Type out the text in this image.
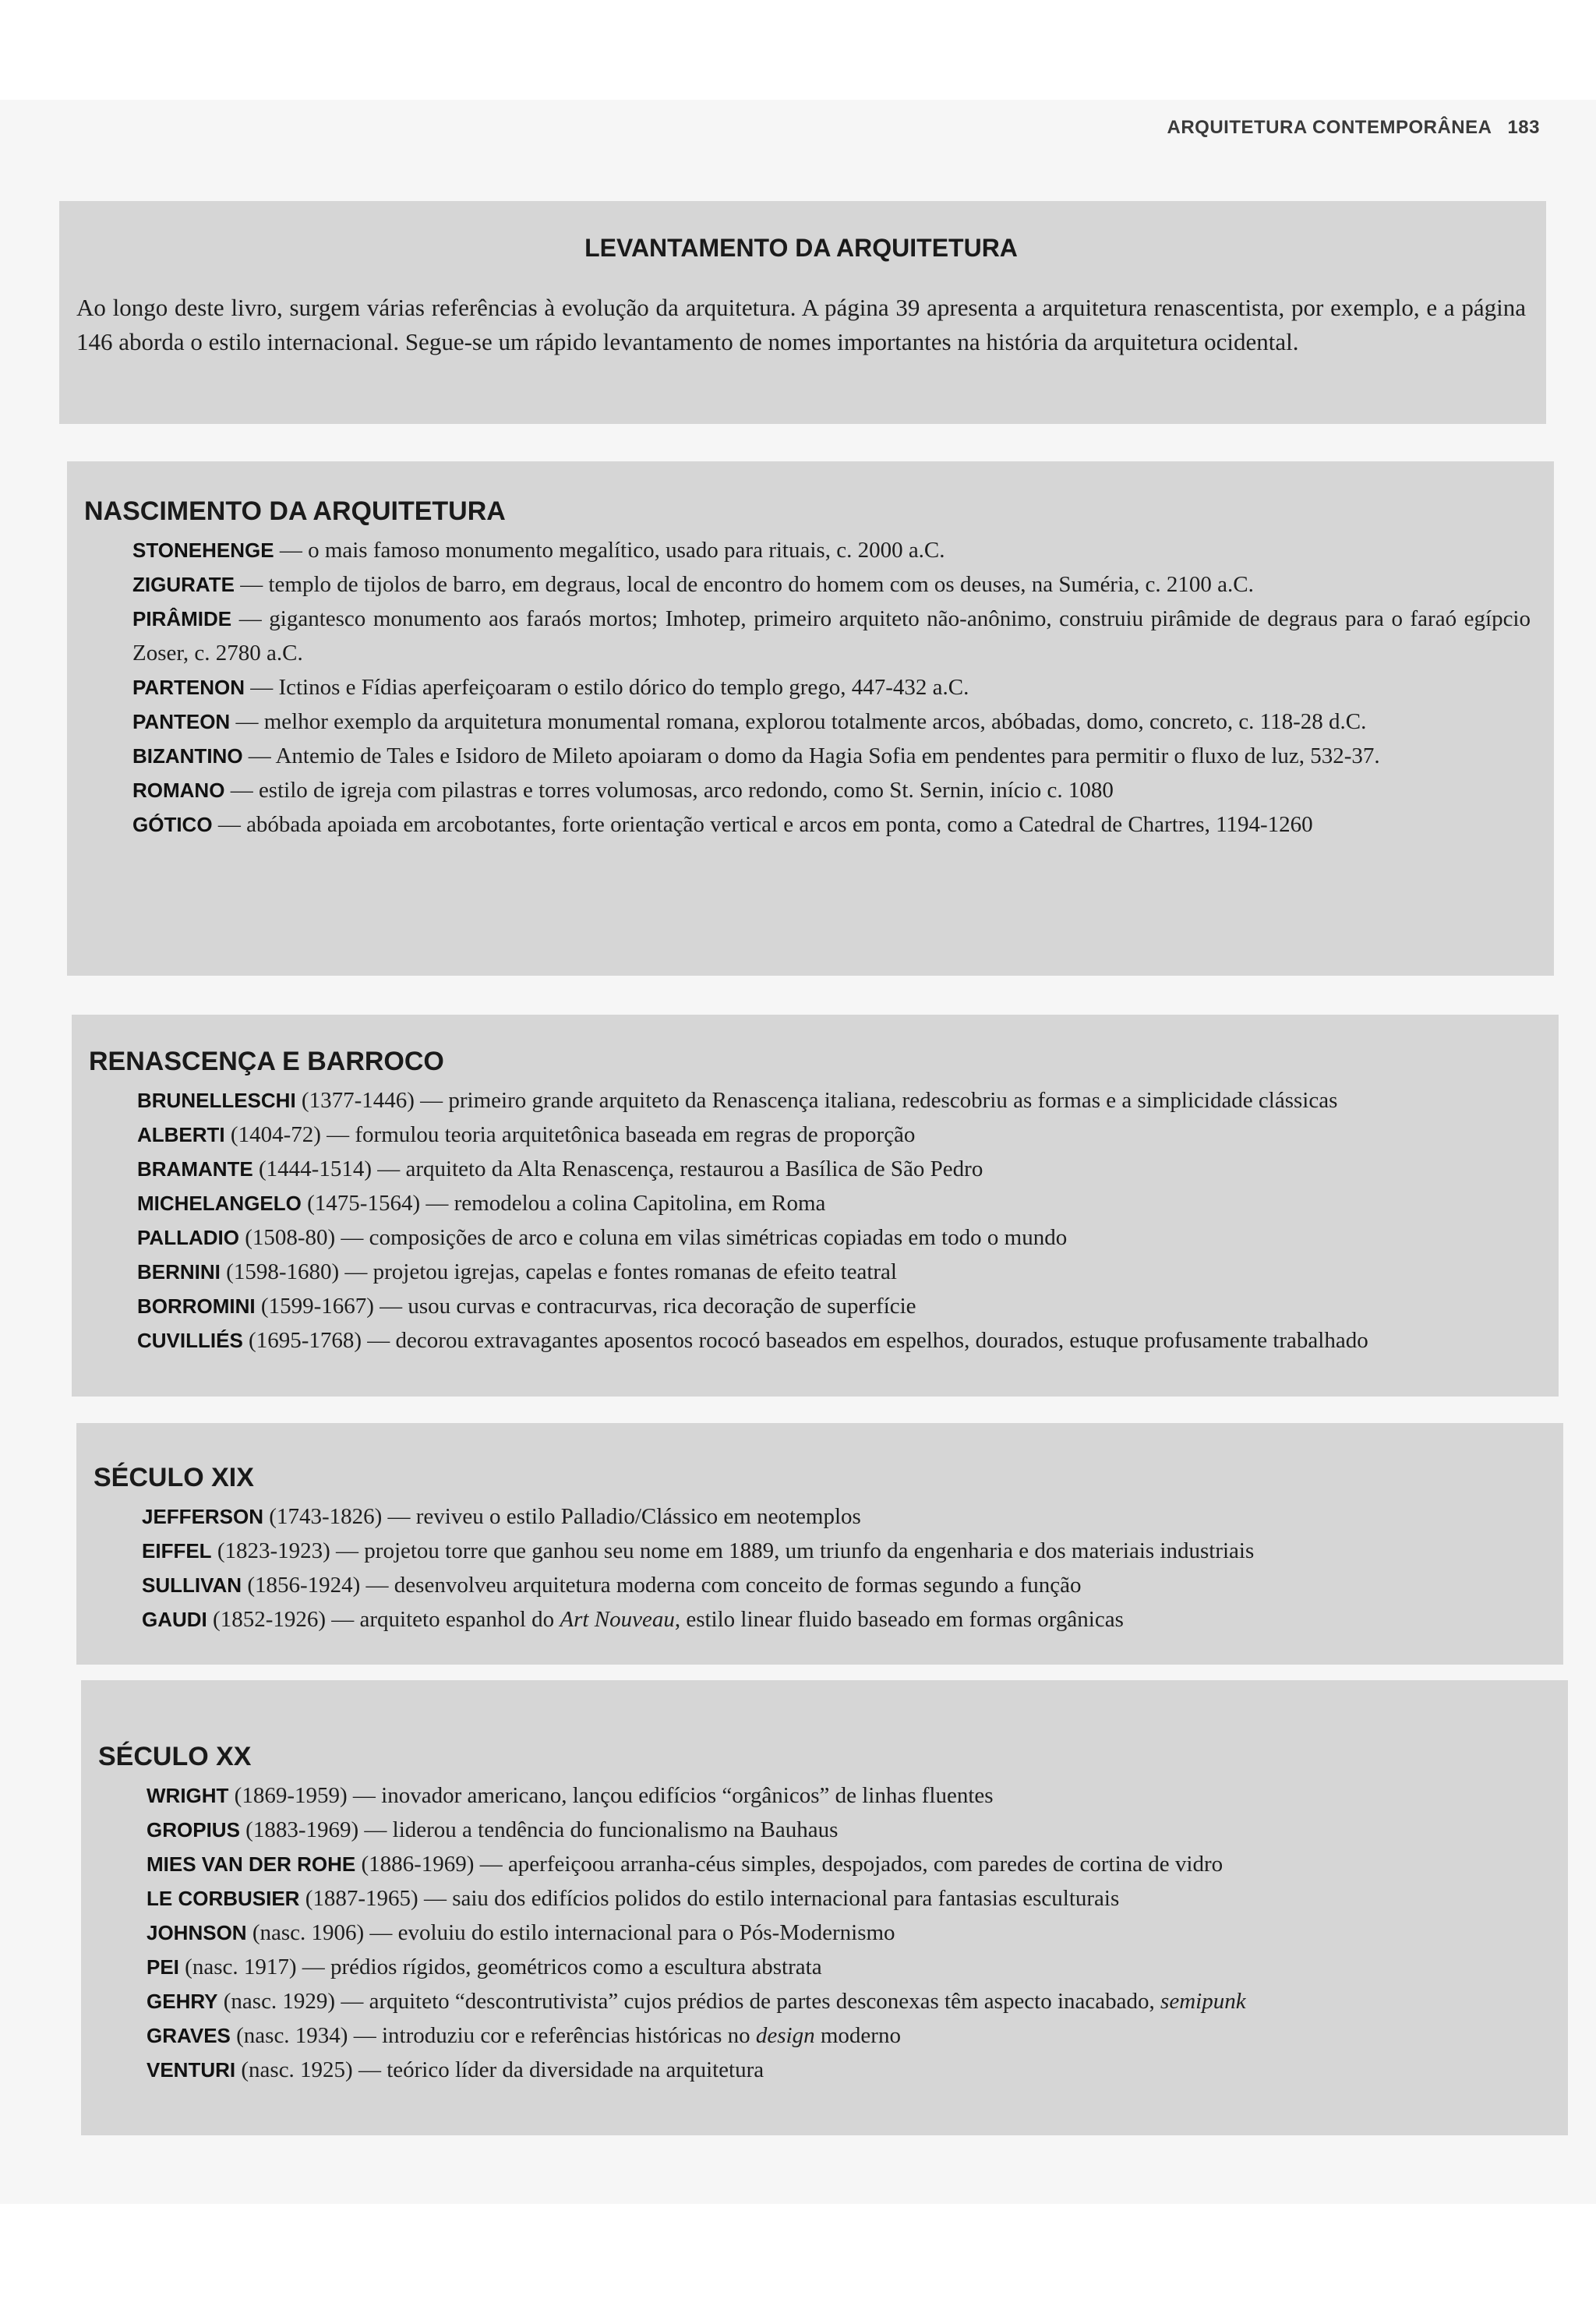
ARQUITETURA CONTEMPORÂNEA 183
LEVANTAMENTO DA ARQUITETURA
Ao longo deste livro, surgem várias referências à evolução da arquitetura. A página 39 apresenta a arquitetura renascentista, por exemplo, e a página 146 aborda o estilo internacional. Segue-se um rápido levantamento de nomes importantes na história da arquitetura ocidental.
NASCIMENTO DA ARQUITETURA
STONEHENGE — o mais famoso monumento megalítico, usado para rituais, c. 2000 a.C.
ZIGURATE — templo de tijolos de barro, em degraus, local de encontro do homem com os deuses, na Suméria, c. 2100 a.C.
PIRÂMIDE — gigantesco monumento aos faraós mortos; Imhotep, primeiro arquiteto não-anônimo, construiu pirâmide de degraus para o faraó egípcio Zoser, c. 2780 a.C.
PARTENON — Ictinos e Fídias aperfeiçoaram o estilo dórico do templo grego, 447-432 a.C.
PANTEON — melhor exemplo da arquitetura monumental romana, explorou totalmente arcos, abóbadas, domo, concreto, c. 118-28 d.C.
BIZANTINO — Antemio de Tales e Isidoro de Mileto apoiaram o domo da Hagia Sofia em pendentes para permitir o fluxo de luz, 532-37.
ROMANO — estilo de igreja com pilastras e torres volumosas, arco redondo, como St. Sernin, início c. 1080
GÓTICO — abóbada apoiada em arcobotantes, forte orientação vertical e arcos em ponta, como a Catedral de Chartres, 1194-1260
RENASCENÇA E BARROCO
BRUNELLESCHI (1377-1446) — primeiro grande arquiteto da Renascença italiana, redescobriu as formas e a simplicidade clássicas
ALBERTI (1404-72) — formulou teoria arquitetônica baseada em regras de proporção
BRAMANTE (1444-1514) — arquiteto da Alta Renascença, restaurou a Basílica de São Pedro
MICHELANGELO (1475-1564) — remodelou a colina Capitolina, em Roma
PALLADIO (1508-80) — composições de arco e coluna em vilas simétricas copiadas em todo o mundo
BERNINI (1598-1680) — projetou igrejas, capelas e fontes romanas de efeito teatral
BORROMINI (1599-1667) — usou curvas e contracurvas, rica decoração de superfície
CUVILLIÉS (1695-1768) — decorou extravagantes aposentos rococó baseados em espelhos, dourados, estuque profusamente trabalhado
SÉCULO XIX
JEFFERSON (1743-1826) — reviveu o estilo Palladio/Clássico em neotemplos
EIFFEL (1823-1923) — projetou torre que ganhou seu nome em 1889, um triunfo da engenharia e dos materiais industriais
SULLIVAN (1856-1924) — desenvolveu arquitetura moderna com conceito de formas segundo a função
GAUDI (1852-1926) — arquiteto espanhol do Art Nouveau, estilo linear fluido baseado em formas orgânicas
SÉCULO XX
WRIGHT (1869-1959) — inovador americano, lançou edifícios “orgânicos” de linhas fluentes
GROPIUS (1883-1969) — liderou a tendência do funcionalismo na Bauhaus
MIES VAN DER ROHE (1886-1969) — aperfeiçoou arranha-céus simples, despojados, com paredes de cortina de vidro
LE CORBUSIER (1887-1965) — saiu dos edifícios polidos do estilo internacional para fantasias esculturais
JOHNSON (nasc. 1906) — evoluiu do estilo internacional para o Pós-Modernismo
PEI (nasc. 1917) — prédios rígidos, geométricos como a escultura abstrata
GEHRY (nasc. 1929) — arquiteto “descontrutivista” cujos prédios de partes desconexas têm aspecto inacabado, semipunk
GRAVES (nasc. 1934) — introduziu cor e referências históricas no design moderno
VENTURI (nasc. 1925) — teórico líder da diversidade na arquitetura
